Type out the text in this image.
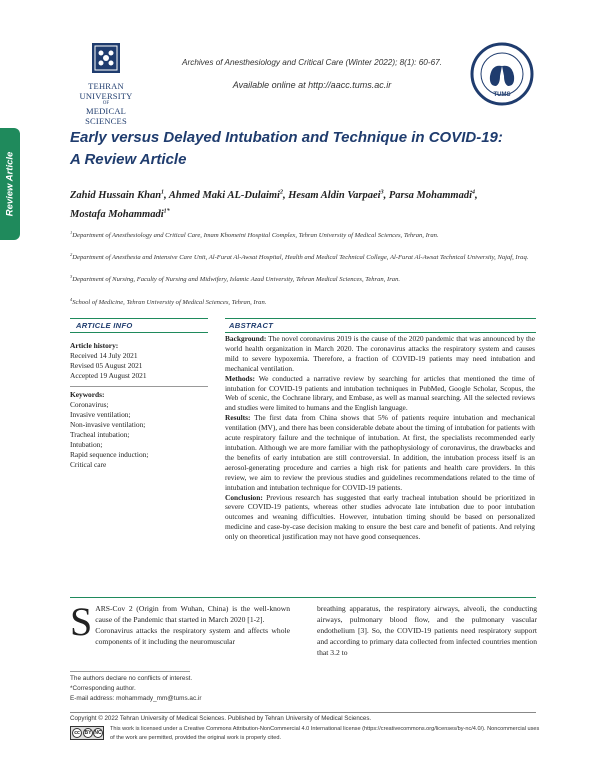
TEHRAN UNIVERSITY
OF
MEDICAL SCIENCES
Archives of Anesthesiology and Critical Care (Winter 2022); 8(1): 60-67.
Available online at http://aacc.tums.ac.ir
TUMS
Review Article
Early versus Delayed Intubation and Technique in COVID-19:
A Review Article
Zahid Hussain Khan$^1$, Ahmed Maki AL-Dulaimi$^2$, Hesam Aldin Varpaei$^3$, Parsa Mohammadi$^4$,
Mostafa Mohammadi$^{1*}$
$^1$Department of Anesthesiology and Critical Care, Imam Khomeini Hospital Complex, Tehran University of Medical Sciences, Tehran, Iran.
$^2$Department of Anesthesia and Intensive Care Unit, Al-Furat Al-Awsat Hospital, Health and Medical Technical College, Al-Furat Al-Awsat Technical University, Najaf, Iraq.
$^3$Department of Nursing, Faculty of Nursing and Midwifery, Islamic Azad University, Tehran Medical Sciences, Tehran, Iran.
$^4$School of Medicine, Tehran University of Medical Sciences, Tehran, Iran.
ARTICLE INFO
Article history:
Received 14 July 2021
Revised 05 August 2021
Accepted 19 August 2021
Keywords:
Coronavirus;
Invasive ventilation;
Non-invasive ventilation;
Tracheal intubation;
Intubation;
Rapid sequence induction;
Critical care
ABSTRACT

Background: The novel coronavirus 2019 is the cause of the 2020 pandemic that was announced by the world health organization in March 2020. The coronavirus attacks the respiratory system and causes mild to severe hypoxemia. Therefore, a fraction of COVID-19 patients may need intubation and mechanical ventilation.

Methods: We conducted a narrative review by searching for articles that mentioned the time of intubation for COVID-19 patients and intubation techniques in PubMed, Google Scholar, Scopus, the Web of scenic, the Cochrane library, and Embase, as well as manual searching. All the selected reviews and studies were limited to humans and the English language.

Results: The first data from China shows that 5% of patients require intubation and mechanical ventilation (MV), and there has been considerable debate about the timing of intubation for patients with acute respiratory failure and the technique of intubation. At first, the specialists recommended early intubation. Although we are more familiar with the pathophysiology of coronavirus, the drawbacks and the benefits of early intubation are still controversial. In addition, the intubation process itself is an aerosol-generating procedure and carries a high risk for patients and health care providers. In this review, we aim to review the previous studies and guidelines recommendations related to the time of intubation and intubation technique for COVID-19 patients.

Conclusion: Previous research has suggested that early tracheal intubation should be prioritized in severe COVID-19 patients, whereas other studies advocate late intubation due to poor intubation outcomes and weaning difficulties. However, intubation timing should be based on personalized medicine and case-by-case decision making to ensure the best care and benefit of patients. And relying only on theoretical justification may not have good consequences.

S ARS-Cov 2 (Origin from Wuhan, China) is the well-known cause of the Pandemic that started in March 2020 [1-2].
Coronavirus attacks the respiratory system and affects whole components of it including the neuromuscular
breathing apparatus, the respiratory airways, alveoli, the conducting airways, pulmonary blood flow, and the pulmonary vascular endothelium [3]. So, the COVID-19 patients need respiratory support and according to primary data collected from infected countries mention that 3.2 to
The authors declare no conflicts of interest.
*Corresponding author.
E-mail address: mohammady_mm@tums.ac.ir
Copyright © 2022 Tehran University of Medical Sciences. Published by Tehran University of Medical Sciences.
cc BY NC
This work is licensed under a Creative Commons Attribution-NonCommercial 4.0 International license (https://creativecommons.org/licenses/by-nc/4.0/). Noncommercial uses of the work are permitted, provided the original work is properly cited.
